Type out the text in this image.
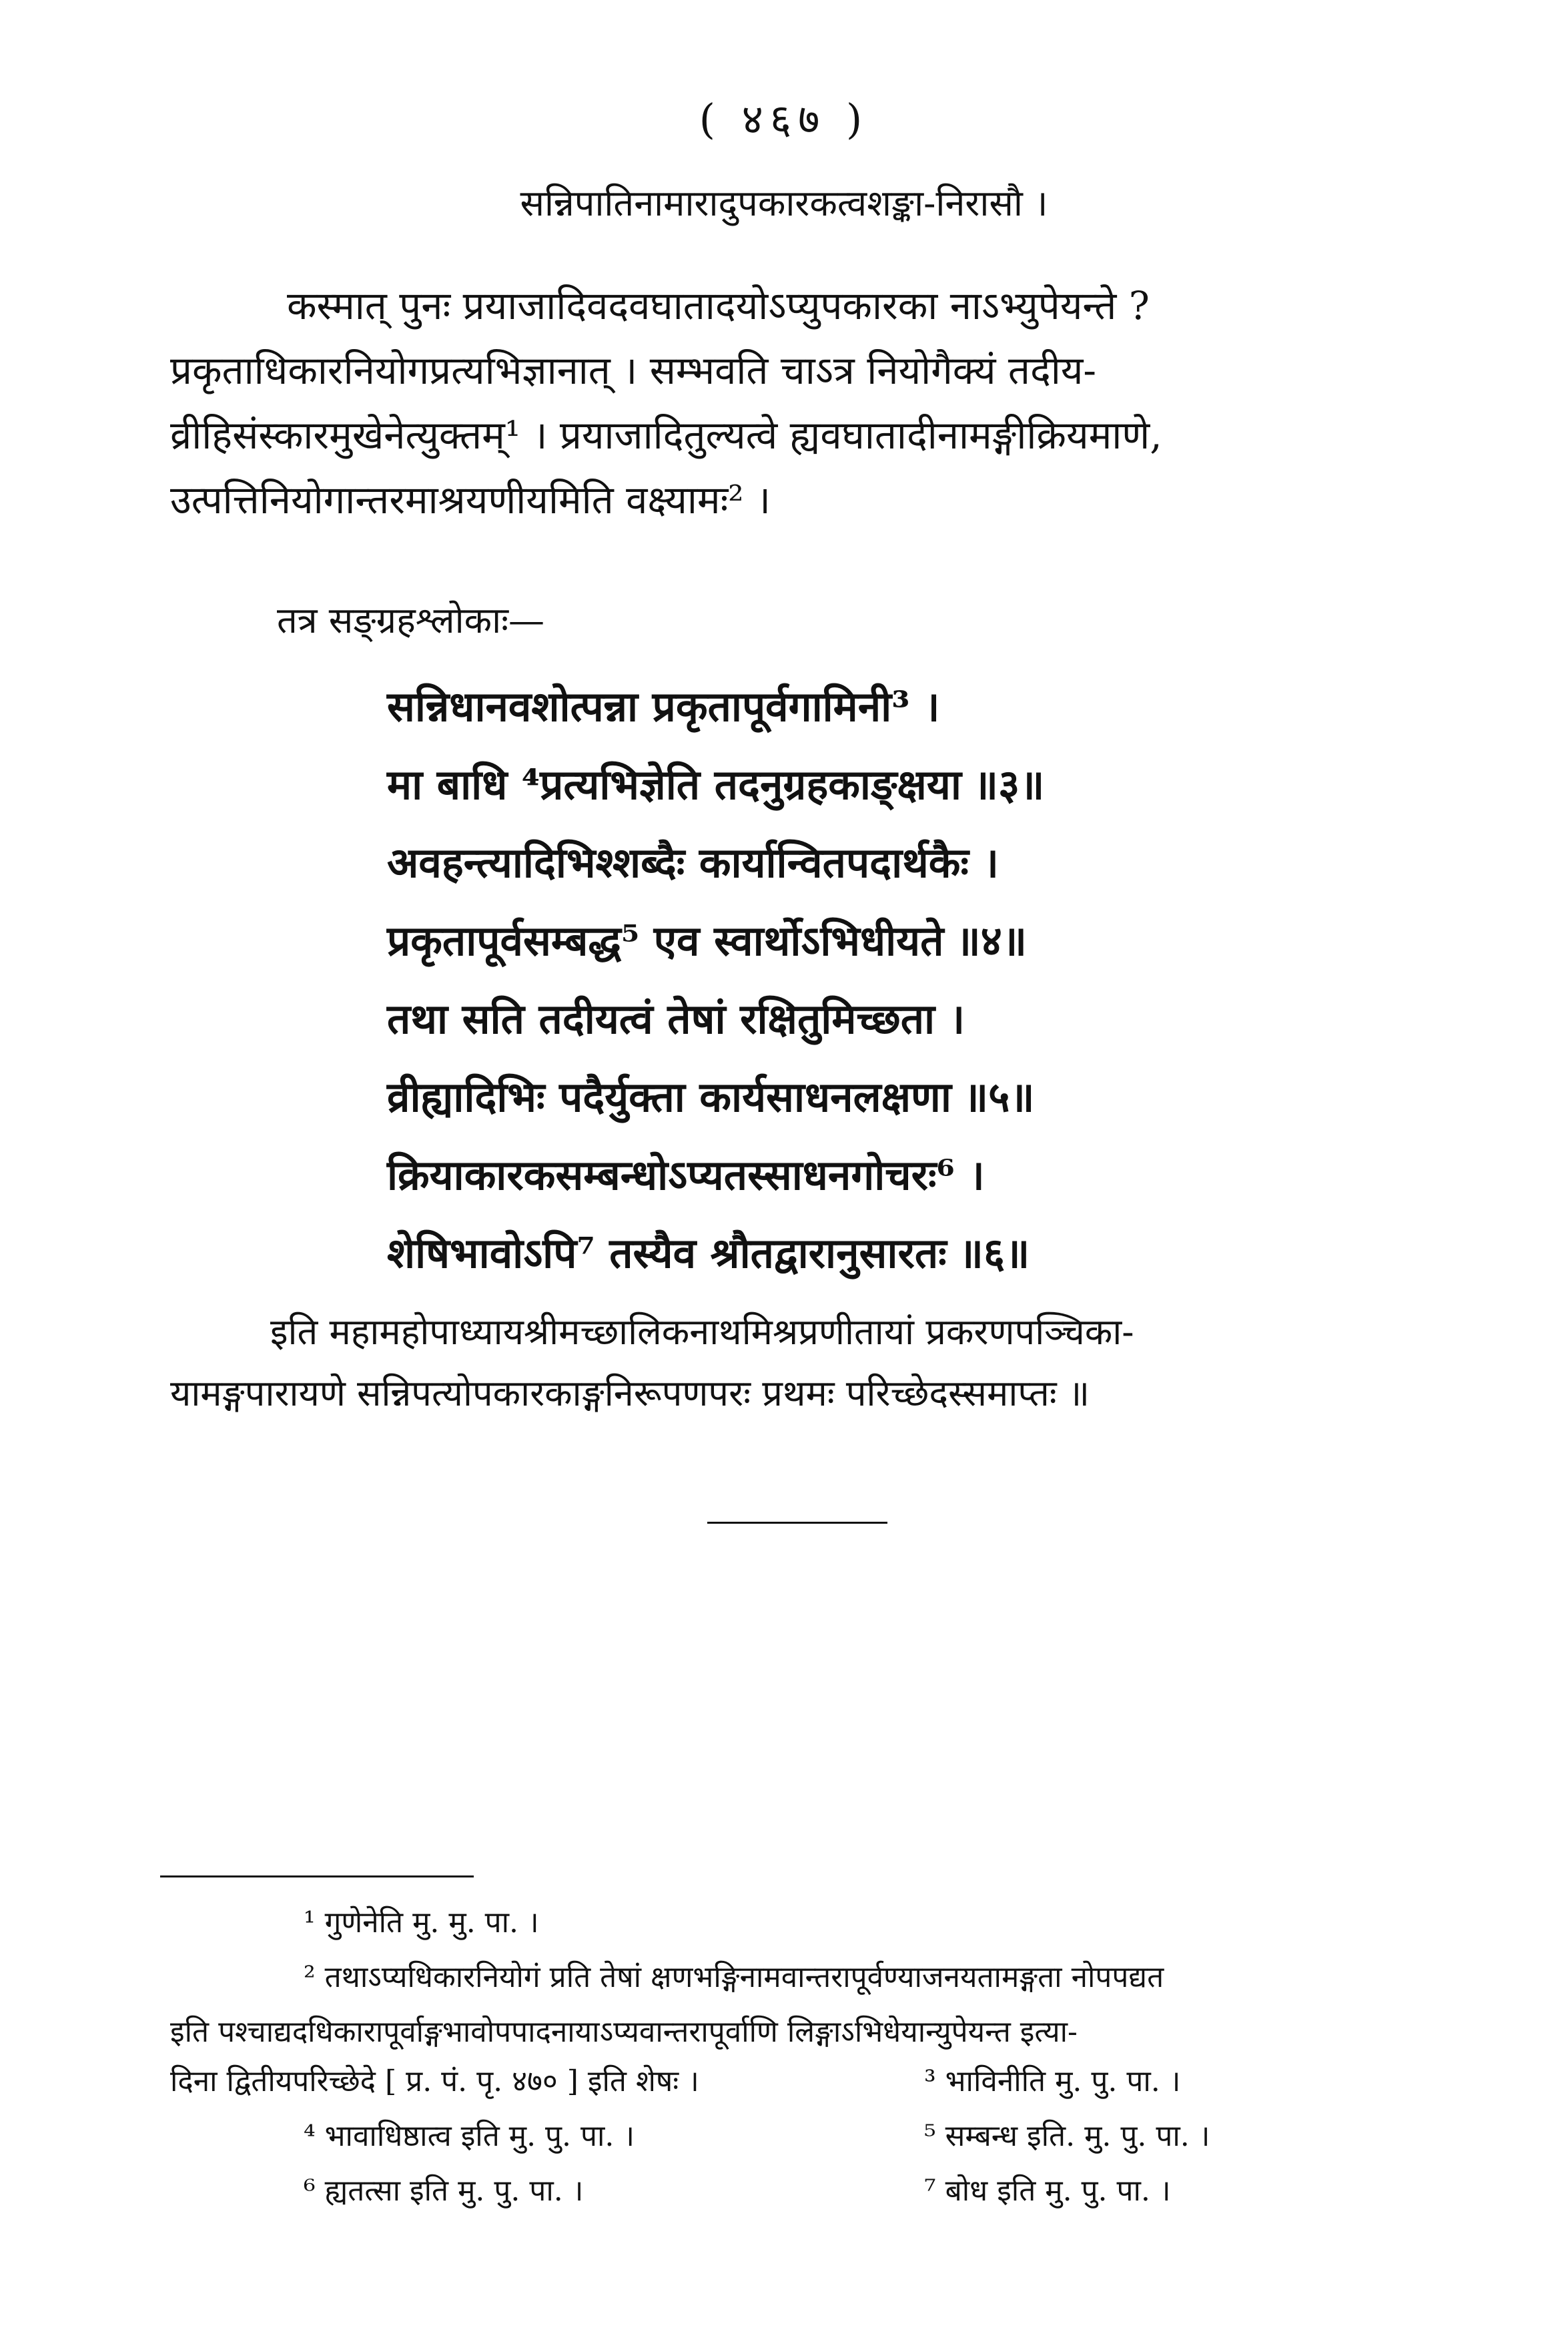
( ४६७ )
सन्निपातिनामारादुपकारकत्वशङ्का-निरासौ ।
कस्मात् पुनः प्रयाजादिवदवघातादयोऽप्युपकारका नाऽभ्युपेयन्ते ?
प्रकृताधिकारनियोगप्रत्यभिज्ञानात् । सम्भवति चाऽत्र नियोगैक्यं तदीय-
व्रीहिसंस्कारमुखेनेत्युक्तम्¹ । प्रयाजादितुल्यत्वे ह्यवघातादीनामङ्गीक्रियमाणे,
उत्पत्तिनियोगान्तरमाश्रयणीयमिति वक्ष्यामः² ।
तत्र सङ्ग्रहश्लोकाः—
सन्निधानवशोत्पन्ना प्रकृतापूर्वगामिनी³ ।
मा बाधि ⁴प्रत्यभिज्ञेति तदनुग्रहकाङ्क्षया ॥३॥
अवहन्त्यादिभिश्शब्दैः कार्यान्वितपदार्थकैः ।
प्रकृतापूर्वसम्बद्ध⁵ एव स्वार्थोऽभिधीयते ॥४॥
तथा सति तदीयत्वं तेषां रक्षितुमिच्छता ।
व्रीह्यादिभिः पदैर्युक्ता कार्यसाधनलक्षणा ॥५॥
क्रियाकारकसम्बन्धोऽप्यतस्साधनगोचरः⁶ ।
शेषिभावोऽपि⁷ तस्यैव श्रौतद्वारानुसारतः ॥६॥
इति महामहोपाध्यायश्रीमच्छालिकनाथमिश्रप्रणीतायां प्रकरणपञ्चिका-
यामङ्गपारायणे सन्निपत्योपकारकाङ्गनिरूपणपरः प्रथमः परिच्छेदस्समाप्तः ॥
¹ गुणेनेति मु. मु. पा. ।
² तथाऽप्यधिकारनियोगं प्रति तेषां क्षणभङ्गिनामवान्तरापूर्वण्याजनयतामङ्गता नोपपद्यत
इति पश्चाद्यदधिकारापूर्वाङ्गभावोपपादनायाऽप्यवान्तरापूर्वाणि लिङ्गाऽभिधेयान्युपेयन्त इत्या-
दिना द्वितीयपरिच्छेदे [ प्र. पं. पृ. ४७० ] इति शेषः ।	³ भाविनीति मु. पु. पा. ।
⁴ भावाधिष्ठात्व इति मु. पु. पा. ।	⁵ सम्बन्ध इति. मु. पु. पा. ।
⁶ ह्यतत्सा इति मु. पु. पा. ।	⁷ बोध इति मु. पु. पा. ।
